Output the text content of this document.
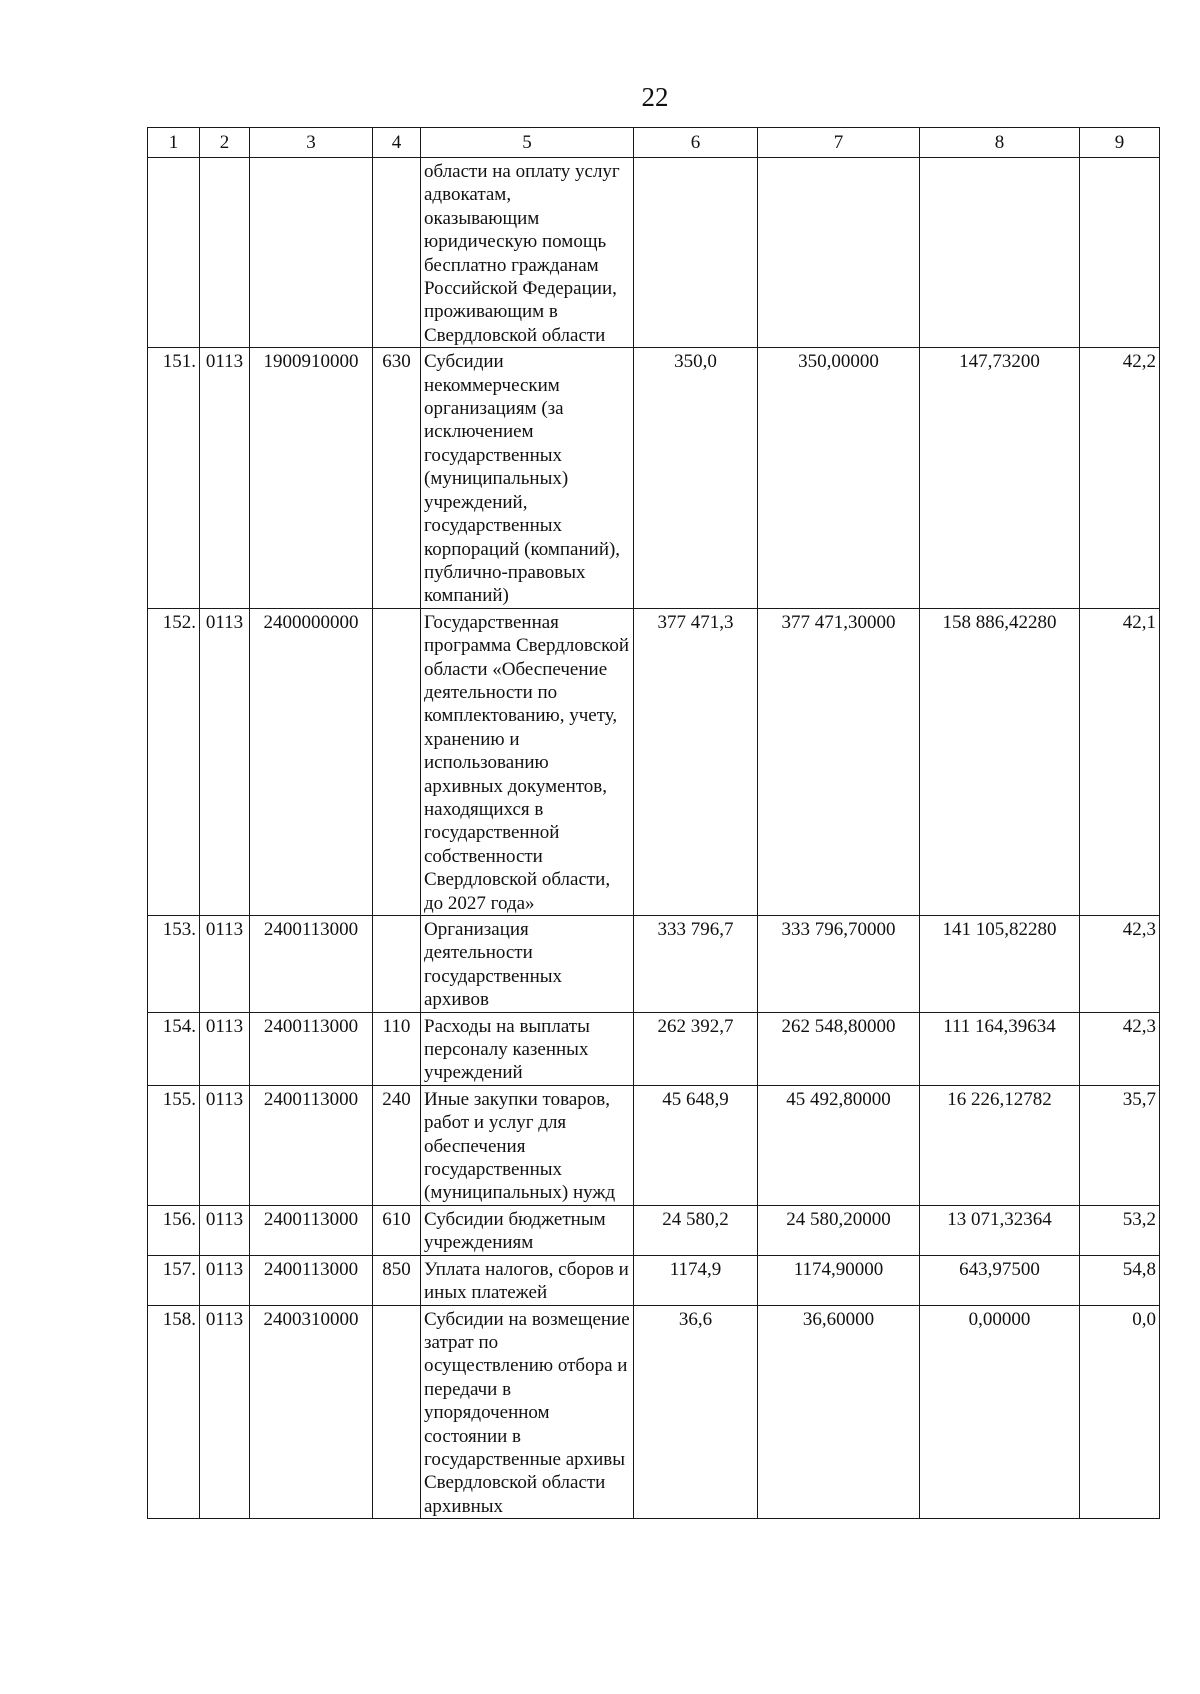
22
1	2	3	4	5	6	7	8	9
				области на оплату услуг адвокатам, оказывающим юридическую помощь бесплатно гражданам Российской Федерации, проживающим в Свердловской области				
151.	0113	1900910000	630	Субсидии некоммерческим организациям (за исключением государственных (муниципальных) учреждений, государственных корпораций (компаний), публично-правовых компаний)	350,0	350,00000	147,73200	42,2
152.	0113	2400000000		Государственная программа Свердловской области «Обеспечение деятельности по комплектованию, учету, хранению и использованию архивных документов, находящихся в государственной собственности Свердловской области, до 2027 года»	377 471,3	377 471,30000	158 886,42280	42,1
153.	0113	2400113000		Организация деятельности государственных архивов	333 796,7	333 796,70000	141 105,82280	42,3
154.	0113	2400113000	110	Расходы на выплаты персоналу казенных учреждений	262 392,7	262 548,80000	111 164,39634	42,3
155.	0113	2400113000	240	Иные закупки товаров, работ и услуг для обеспечения государственных (муниципальных) нужд	45 648,9	45 492,80000	16 226,12782	35,7
156.	0113	2400113000	610	Субсидии бюджетным учреждениям	24 580,2	24 580,20000	13 071,32364	53,2
157.	0113	2400113000	850	Уплата налогов, сборов и иных платежей	1174,9	1174,90000	643,97500	54,8
158.	0113	2400310000		Субсидии на возмещение затрат по осуществлению отбора и передачи в упорядоченном состоянии в государственные архивы Свердловской области архивных	36,6	36,60000	0,00000	0,0
